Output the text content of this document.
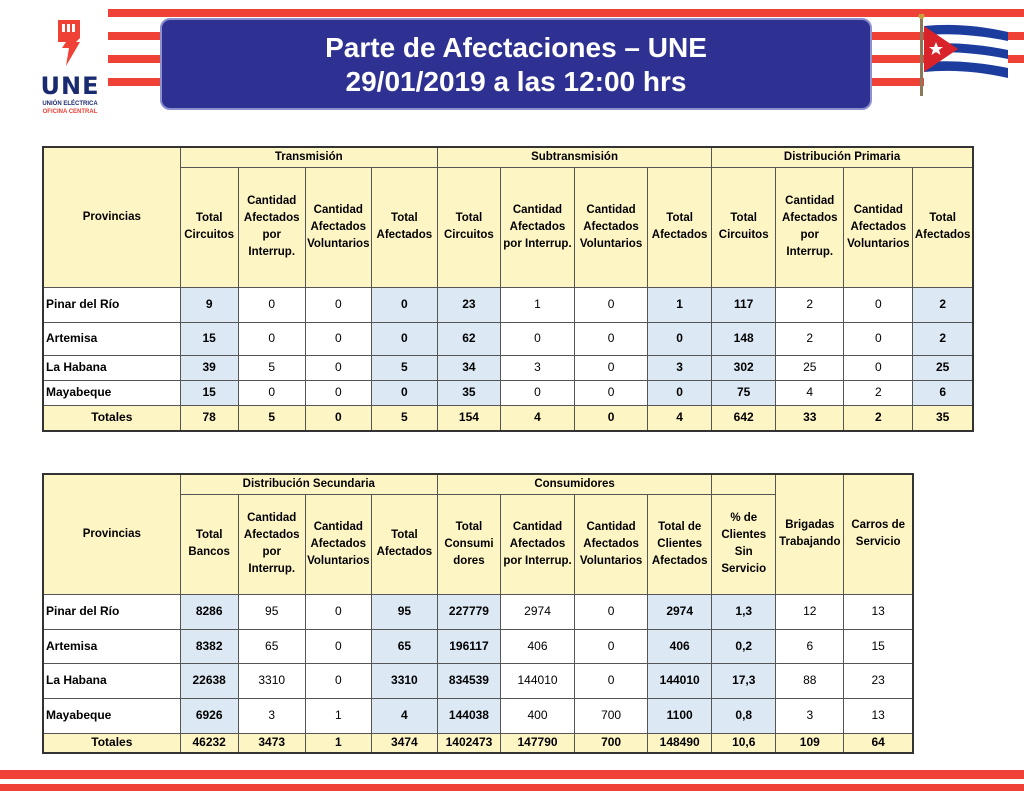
UNE
UNIÓN ELÉCTRICA
OFICINA CENTRAL
Parte de Afectaciones – UNE
29/01/2019 a las 12:00 hrs
Provincias	Transmisión				Subtransmisión				Distribución Primaria			
	Total Circuitos	Cantidad Afectados por Interrup.	Cantidad Afectados Voluntarios	Total Afectados	Total Circuitos	Cantidad Afectados por Interrup.	Cantidad Afectados Voluntarios	Total Afectados	Total Circuitos	Cantidad Afectados por Interrup.	Cantidad Afectados Voluntarios	Total Afectados
Pinar del Río	9	0	0	0	23	1	0	1	117	2	0	2
Artemisa	15	0	0	0	62	0	0	0	148	2	0	2
La Habana	39	5	0	5	34	3	0	3	302	25	0	25
Mayabeque	15	0	0	0	35	0	0	0	75	4	2	6
Totales	78	5	0	5	154	4	0	4	642	33	2	35
Provincias	Distribución Secundaria				Consumidores					Brigadas Trabajando	Carros de Servicio
	Total Bancos	Cantidad Afectados por Interrup.	Cantidad Afectados Voluntarios	Total Afectados	Total Consumi dores	Cantidad Afectados por Interrup.	Cantidad Afectados Voluntarios	Total de Clientes Afectados	% de Clientes Sin Servicio		
Pinar del Río	8286	95	0	95	227779	2974	0	2974	1,3	12	13
Artemisa	8382	65	0	65	196117	406	0	406	0,2	6	15
La Habana	22638	3310	0	3310	834539	144010	0	144010	17,3	88	23
Mayabeque	6926	3	1	4	144038	400	700	1100	0,8	3	13
Totales	46232	3473	1	3474	1402473	147790	700	148490	10,6	109	64
